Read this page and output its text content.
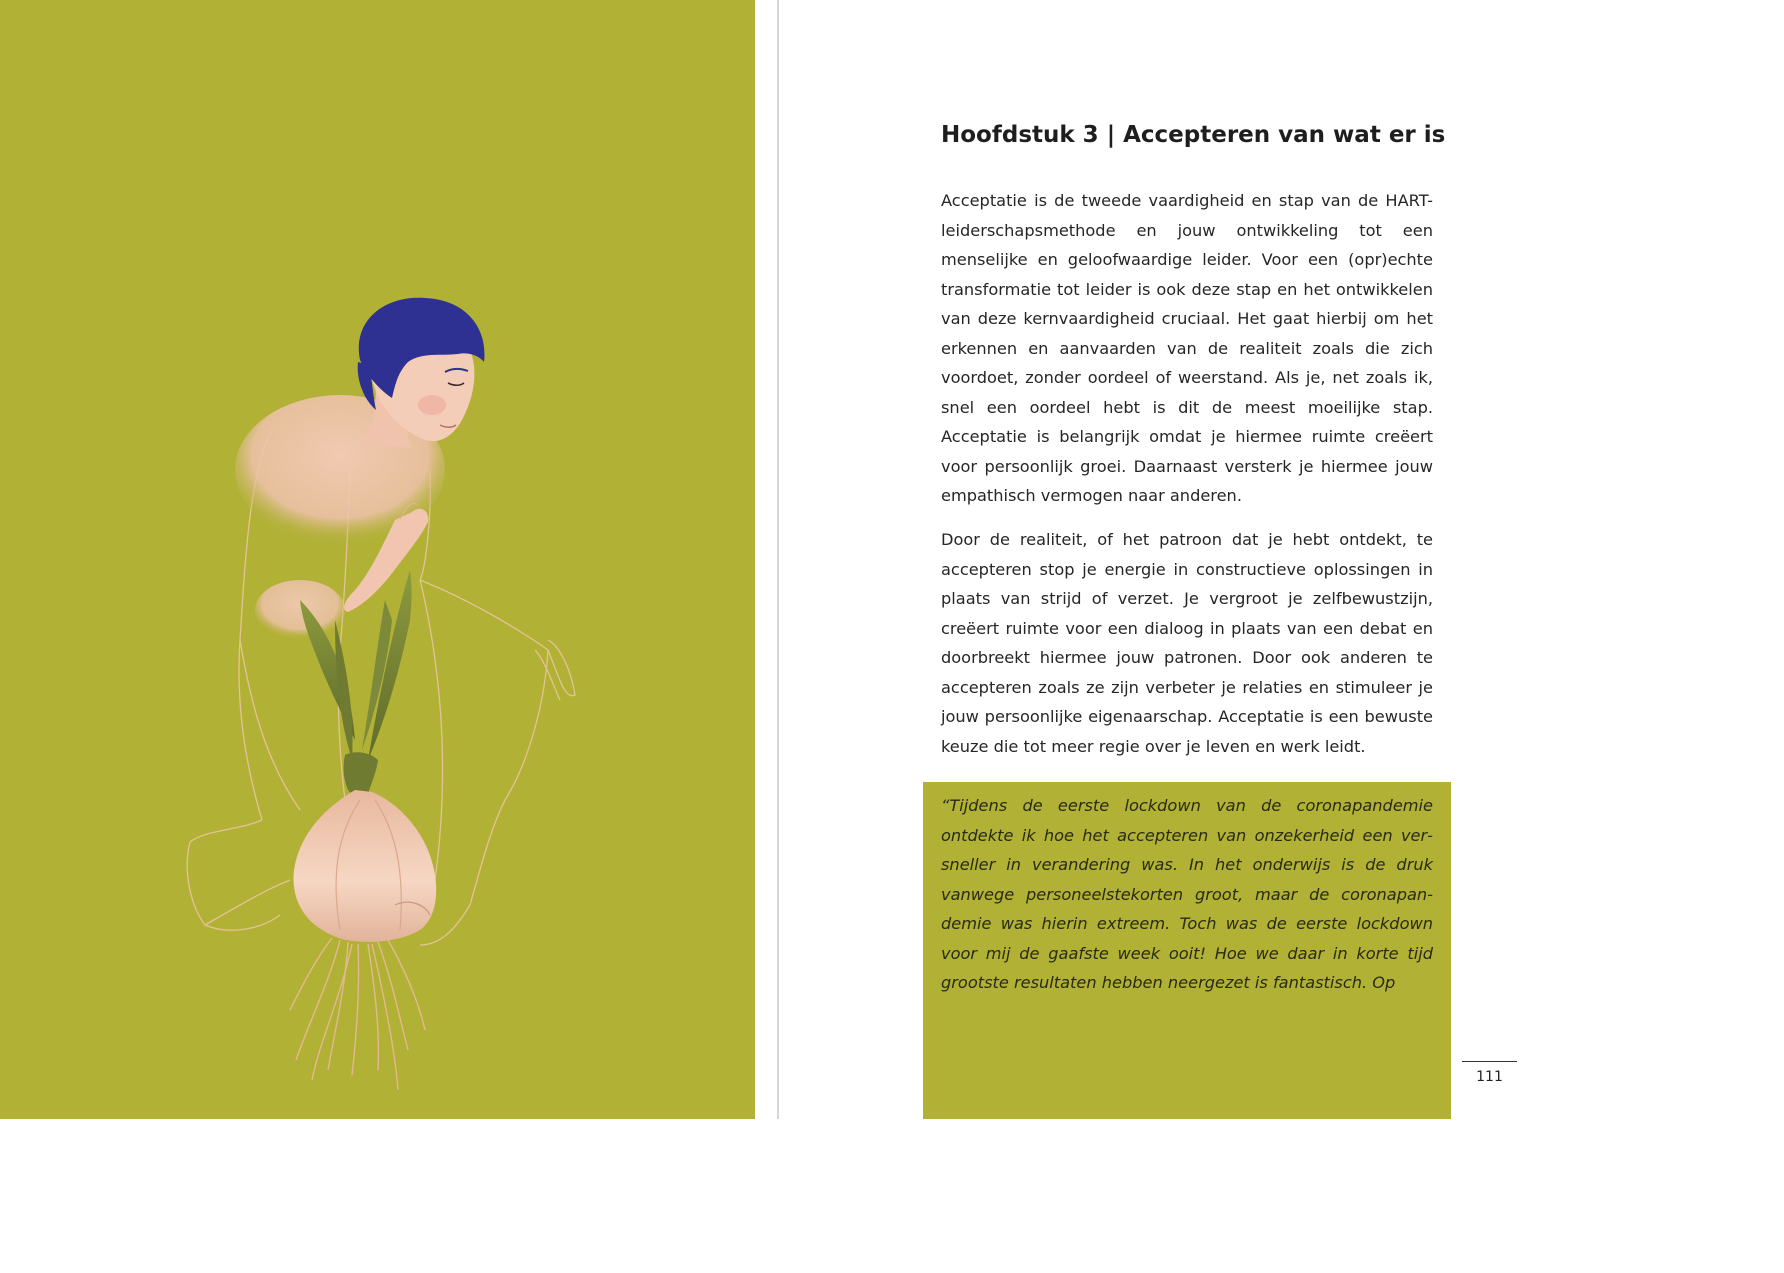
Hoofdstuk 3 | Accepteren van wat er is

Acceptatie is de tweede vaardigheid en stap van de HART-leiderschapsmethode en jouw ontwikkeling tot een menselijke en geloofwaardige leider. Voor een (opr)echte transformatie tot leider is ook deze stap en het ontwikkelen van deze kernvaardigheid cruciaal. Het gaat hierbij om het erkennen en aanvaarden van de realiteit zoals die zich voordoet, zonder oordeel of weerstand. Als je, net zoals ik, snel een oordeel hebt is dit de meest moeilijke stap. Acceptatie is belangrijk omdat je hiermee ruimte creëert voor persoonlijk groei. Daarnaast versterk je hiermee jouw empathisch vermogen naar anderen.

Door de realiteit, of het patroon dat je hebt ontdekt, te accepteren stop je energie in constructieve oplossingen in plaats van strijd of verzet. Je vergroot je zelfbewustzijn, creëert ruimte voor een dialoog in plaats van een debat en doorbreekt hiermee jouw patronen. Door ook anderen te accepteren zoals ze zijn verbeter je relaties en stimuleer je jouw persoonlijke eigenaarschap. Acceptatie is een bewuste keuze die tot meer regie over je leven en werk leidt.

“Tijdens de eerste lockdown van de coronapandemie ontdekte ik hoe het accepteren van onzekerheid een versneller in verandering was. In het onderwijs is de druk vanwege personeelstekorten groot, maar de coronapandemie was hierin extreem. Toch was de eerste lockdown voor mij de gaafste week ooit! Hoe we daar in korte tijd grootste resultaten hebben neergezet is fantastisch. Op

111
